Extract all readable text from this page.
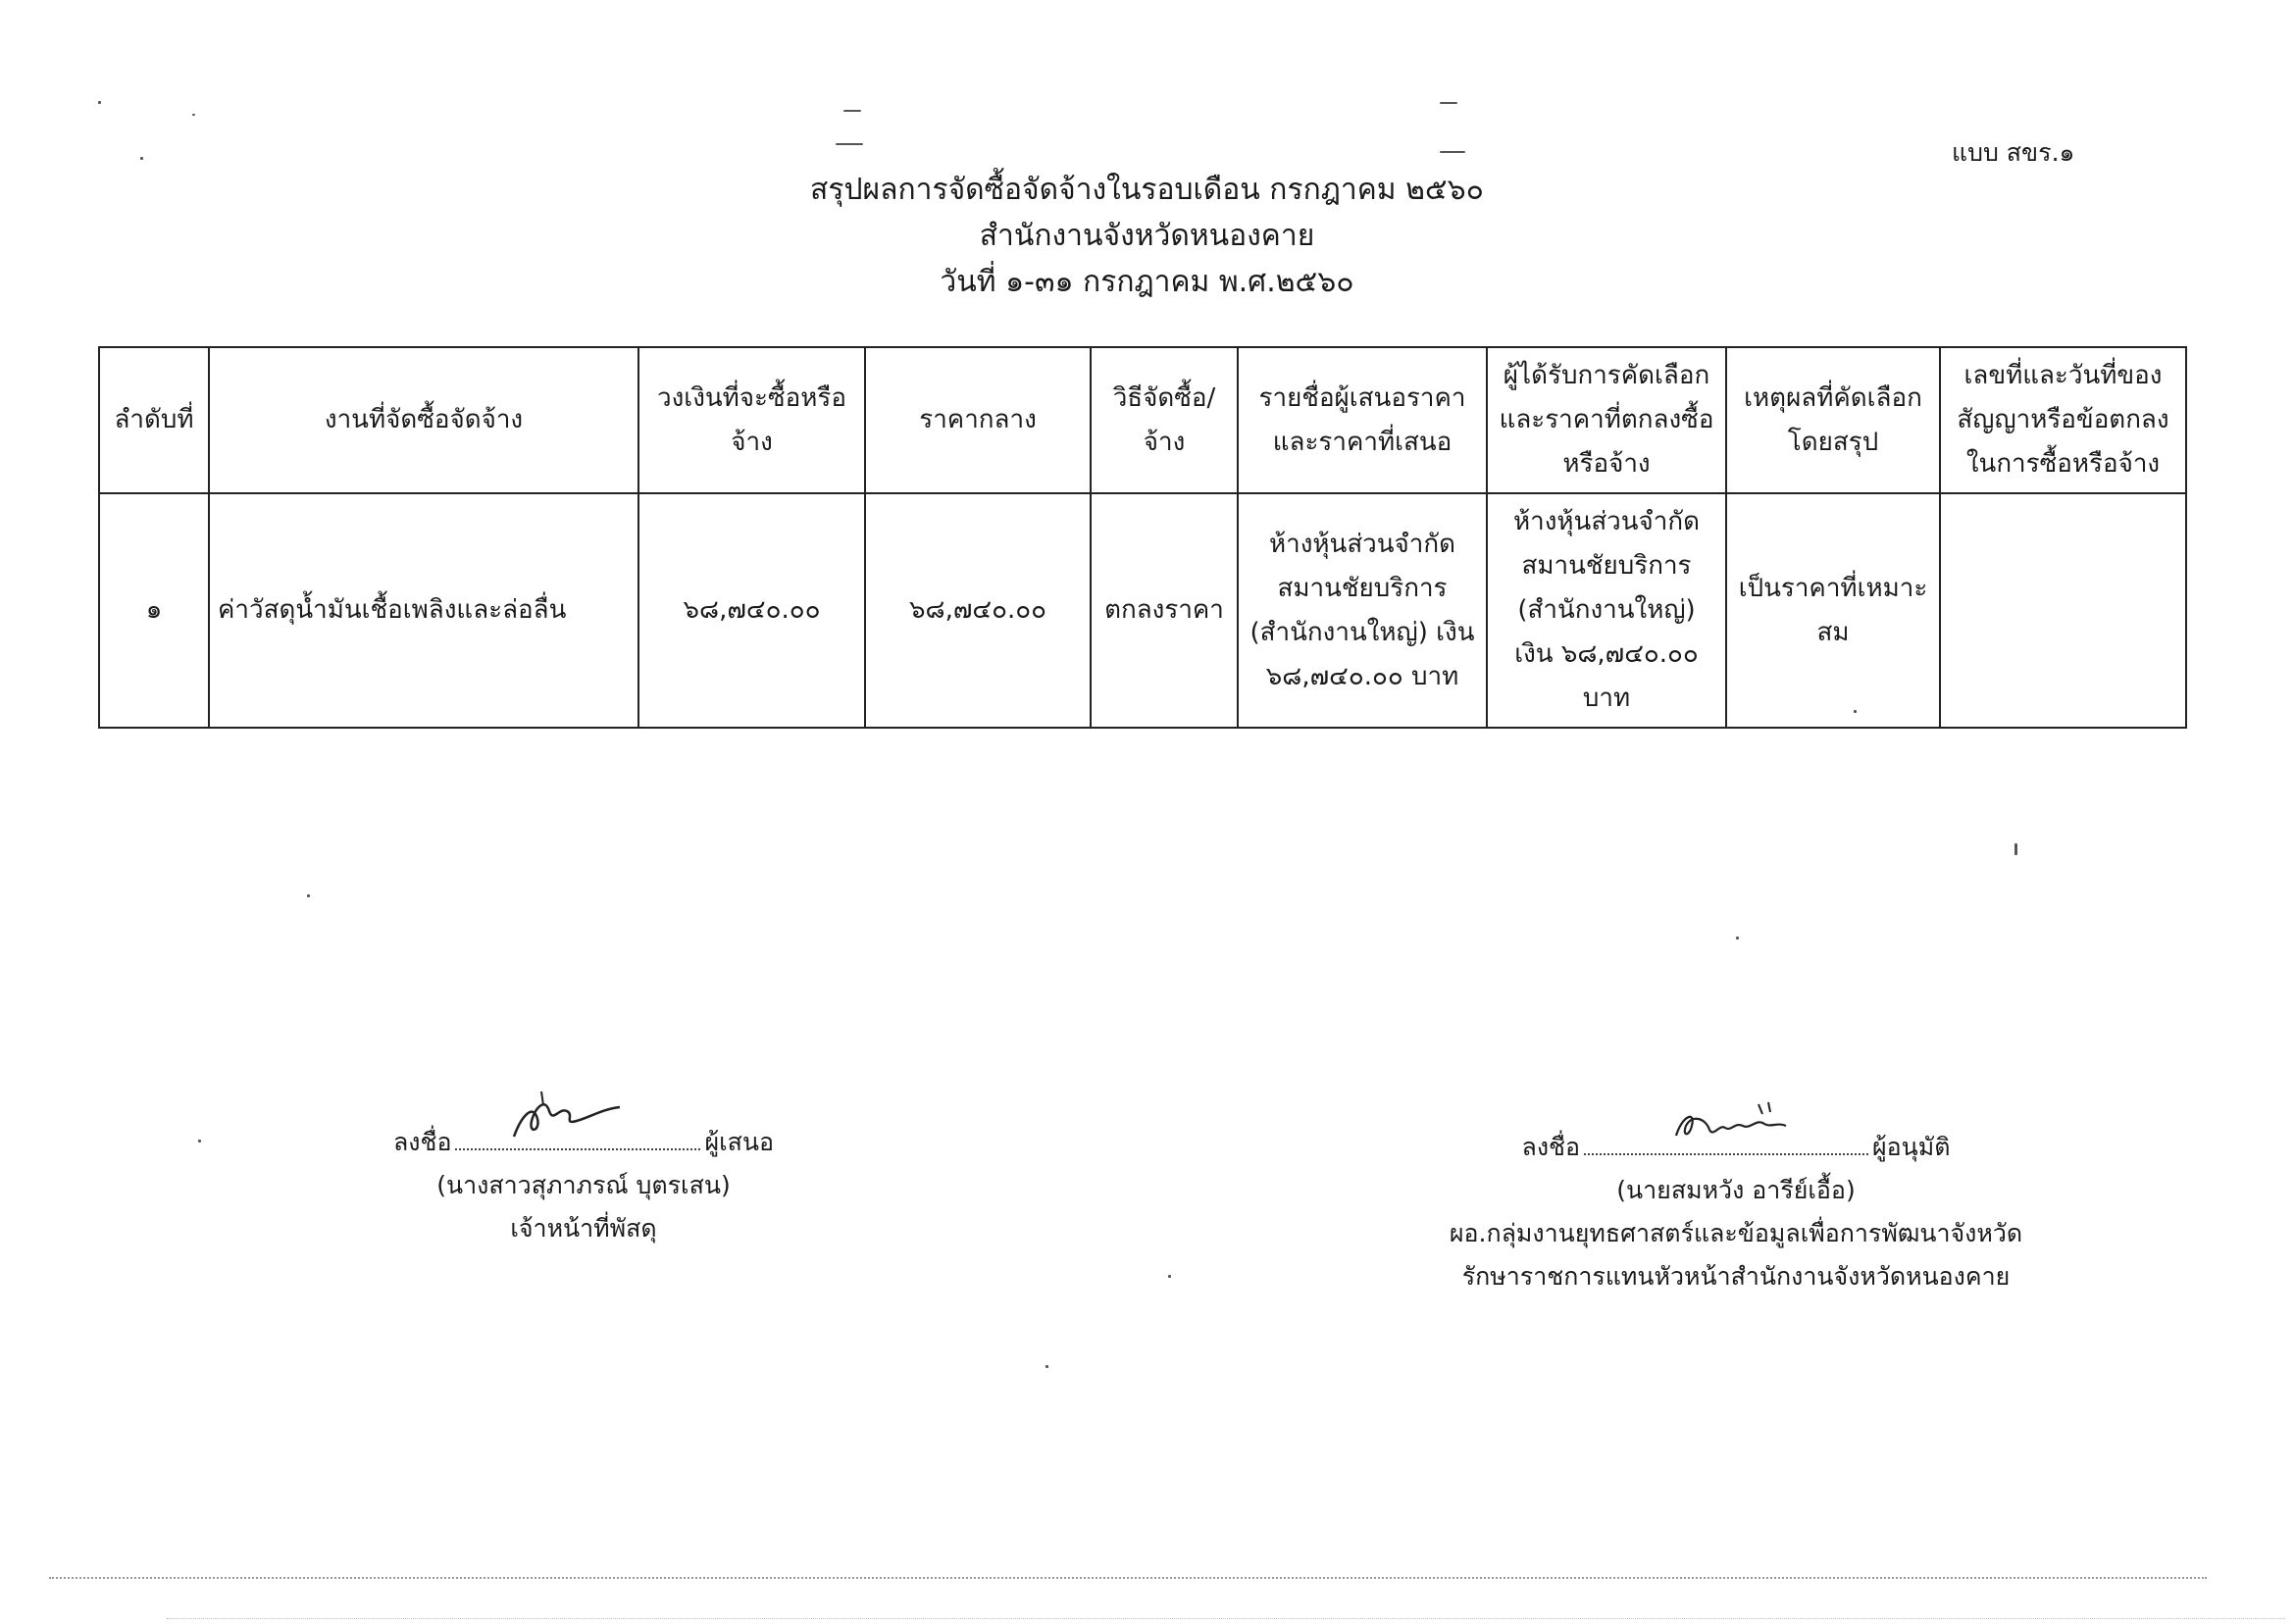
แบบ สขร.๑
สรุปผลการจัดซื้อจัดจ้างในรอบเดือน กรกฎาคม ๒๕๖๐
สำนักงานจังหวัดหนองคาย
วันที่ ๑-๓๑ กรกฎาคม พ.ศ.๒๕๖๐
ลำดับที่	งานที่จัดซื้อจัดจ้าง	วงเงินที่จะซื้อหรือจ้าง	ราคากลาง	วิธีจัดซื้อ/จ้าง	รายชื่อผู้เสนอราคาและราคาที่เสนอ	ผู้ได้รับการคัดเลือกและราคาที่ตกลงซื้อหรือจ้าง	เหตุผลที่คัดเลือกโดยสรุป	เลขที่และวันที่ของสัญญาหรือข้อตกลงในการซื้อหรือจ้าง
๑	ค่าวัสดุน้ำมันเชื้อเพลิงและล่อลื่น	๖๘,๗๔๐.๐๐	๖๘,๗๔๐.๐๐	ตกลงราคา	ห้างหุ้นส่วนจำกัด สมานชัยบริการ (สำนักงานใหญ่) เงิน ๖๘,๗๔๐.๐๐ บาท	ห้างหุ้นส่วนจำกัด สมานชัยบริการ (สำนักงานใหญ่) เงิน ๖๘,๗๔๐.๐๐ บาท	เป็นราคาที่เหมาะสม	
ลงชื่อ	ผู้เสนอ
(นางสาวสุภาภรณ์ บุตรเสน)
เจ้าหน้าที่พัสดุ
ลงชื่อ	ผู้อนุมัติ
(นายสมหวัง อารีย์เอื้อ)
ผอ.กลุ่มงานยุทธศาสตร์และข้อมูลเพื่อการพัฒนาจังหวัด
รักษาราชการแทนหัวหน้าสำนักงานจังหวัดหนองคาย
